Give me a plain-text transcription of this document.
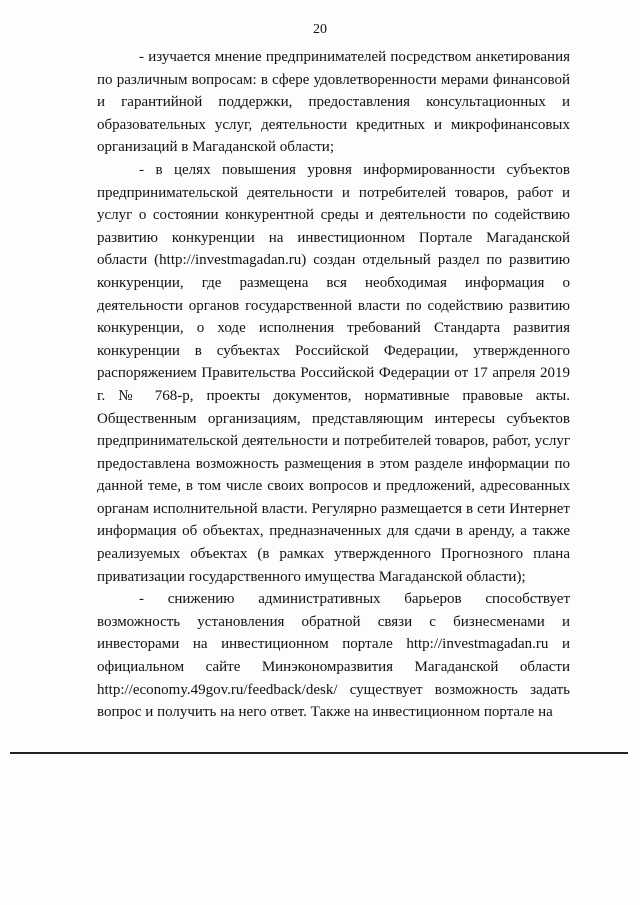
20

- изучается мнение предпринимателей посредством анкетирования по различным вопросам: в сфере удовлетворенности мерами финансовой и гарантийной поддержки, предоставления консультационных и образовательных услуг, деятельности кредитных и микрофинансовых организаций в Магаданской области;

- в целях повышения уровня информированности субъектов предпринимательской деятельности и потребителей товаров, работ и услуг о состоянии конкурентной среды и деятельности по содействию развитию конкуренции на инвестиционном Портале Магаданской области (http://investmagadan.ru) создан отдельный раздел по развитию конкуренции, где размещена вся необходимая информация о деятельности органов государственной власти по содействию развитию конкуренции, о ходе исполнения требований Стандарта развития конкуренции в субъектах Российской Федерации, утвержденного распоряжением Правительства Российской Федерации от 17 апреля 2019 г. № 768-р, проекты документов, нормативные правовые акты. Общественным организациям, представляющим интересы субъектов предпринимательской деятельности и потребителей товаров, работ, услуг предоставлена возможность размещения в этом разделе информации по данной теме, в том числе своих вопросов и предложений, адресованных органам исполнительной власти. Регулярно размещается в сети Интернет информация об объектах, предназначенных для сдачи в аренду, а также реализуемых объектах (в рамках утвержденного Прогнозного плана приватизации государственного имущества Магаданской области);

- снижению административных барьеров способствует возможность установления обратной связи с бизнесменами и инвесторами на инвестиционном портале http://investmagadan.ru и официальном сайте Минэкономразвития Магаданской области http://economy.49gov.ru/feedback/desk/ существует возможность задать вопрос и получить на него ответ. Также на инвестиционном портале на
